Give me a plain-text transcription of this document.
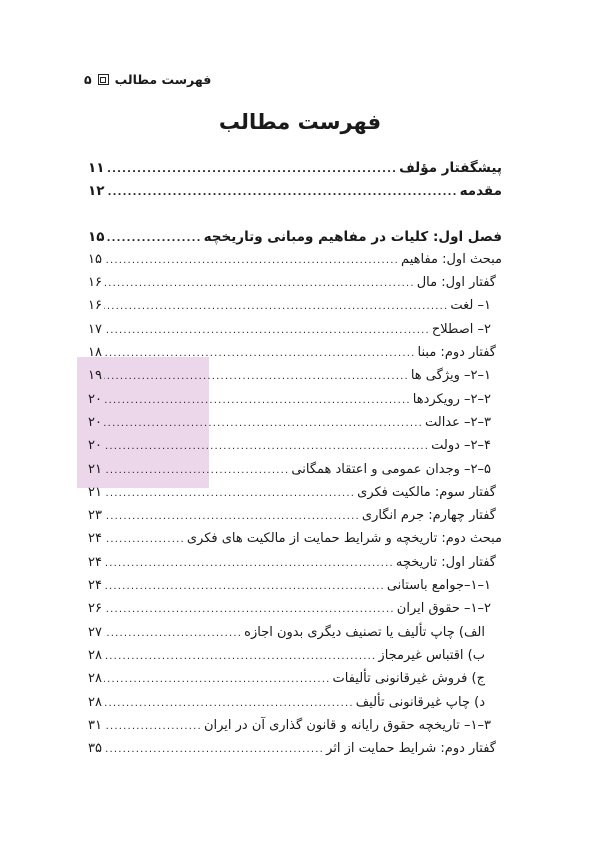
فهرست مطالب
۵
فهرست مطالب
پیشگفتار مؤلف
.....
۱۱
مقدمه
.....
۱۲
فصل اول: کلیات در مفاهیم ومبانی وتاریخچه
.....
۱۵
مبحث اول: مفاهیم
.....
۱۵
گفتار اول: مال
.....
۱۶
۱– لغت
.....
۱۶
۲– اصطلاح
.....
۱۷
گفتار دوم: مبنا
.....
۱۸
۱–۲– ویژگی ها
.....
۱۹
۲–۲– رویکردها
.....
۲۰
۳–۲– عدالت
.....
۲۰
۴–۲– دولت
.....
۲۰
۵–۲– وجدان عمومی و اعتقاد همگانی
.....
۲۱
گفتار سوم: مالکیت فکری
.....
۲۱
گفتار چهارم: جرم انگاری
.....
۲۳
مبحث دوم: تاریخچه و شرایط حمایت از مالکیت های فکری
.....
۲۴
گفتار اول: تاریخچه
.....
۲۴
۱–۱–جوامع باستانی
.....
۲۴
۲–۱– حقوق ایران
.....
۲۶
الف) چاپ تألیف یا تصنیف دیگری بدون اجازه
.....
۲۷
ب) اقتباس غیرمجاز
.....
۲۸
ج) فروش غیرقانونی تألیفات
.....
۲۸
د) چاپ غیرقانونی تألیف
.....
۲۸
۳–۱– تاریخچه حقوق رایانه و قانون گذاری آن در ایران
.....
۳۱
گفتار دوم: شرایط حمایت از اثر
.....
۳۵
